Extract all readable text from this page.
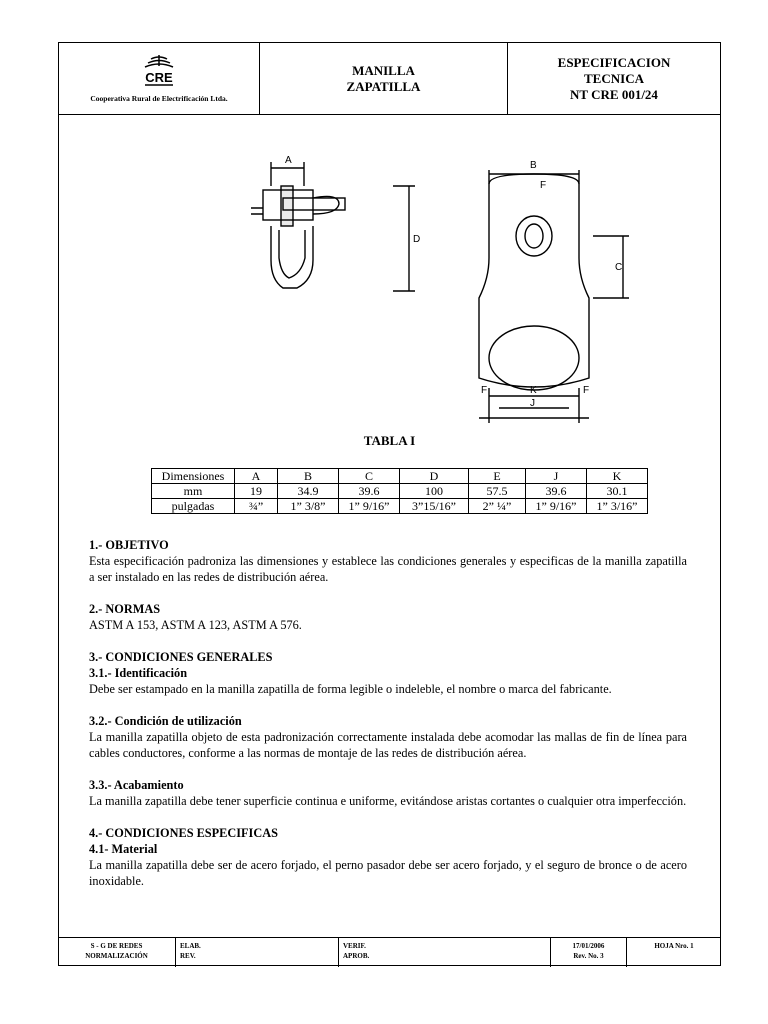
CRE
Cooperativa Rural de Electrificación Ltda.
MANILLA
ZAPATILLA
ESPECIFICACION
TECNICA
NT CRE 001/24
A
D
B
F
C
F	K	F
J
TABLA I
Dimensiones	A	B	C	D	E	J	K
mm	19	34.9	39.6	100	57.5	39.6	30.1
pulgadas	¾”	1” 3/8”	1” 9/16”	3”15/16”	2” ¼”	1” 9/16”	1” 3/16”
1.- OBJETIVO

Esta especificación padroniza las dimensiones y establece las condiciones generales y especificas de la manilla zapatilla a ser instalado en las redes de distribución aérea.

2.- NORMAS

ASTM A 153, ASTM A 123, ASTM A 576.

3.- CONDICIONES GENERALES
3.1.- Identificación

Debe ser estampado en la manilla zapatilla de forma legible o indeleble, el nombre o marca del fabricante.

3.2.- Condición de utilización

La manilla zapatilla objeto de esta padronización correctamente instalada debe acomodar las mallas de fin de línea para cables conductores, conforme a las normas de montaje de las redes de distribución aérea.

3.3.- Acabamiento

La manilla zapatilla debe tener superficie continua e uniforme, evitándose aristas cortantes o cualquier otra imperfección.

4.- CONDICIONES ESPECIFICAS
4.1- Material

La manilla zapatilla debe ser de acero forjado, el perno pasador debe ser acero forjado, y el seguro de bronce o de acero inoxidable.

S - G DE REDES
NORMALIZACIÓN
ELAB.
REV.
VERIF.
APROB.
17/01/2006
Rev. No. 3
HOJA Nro. 1
